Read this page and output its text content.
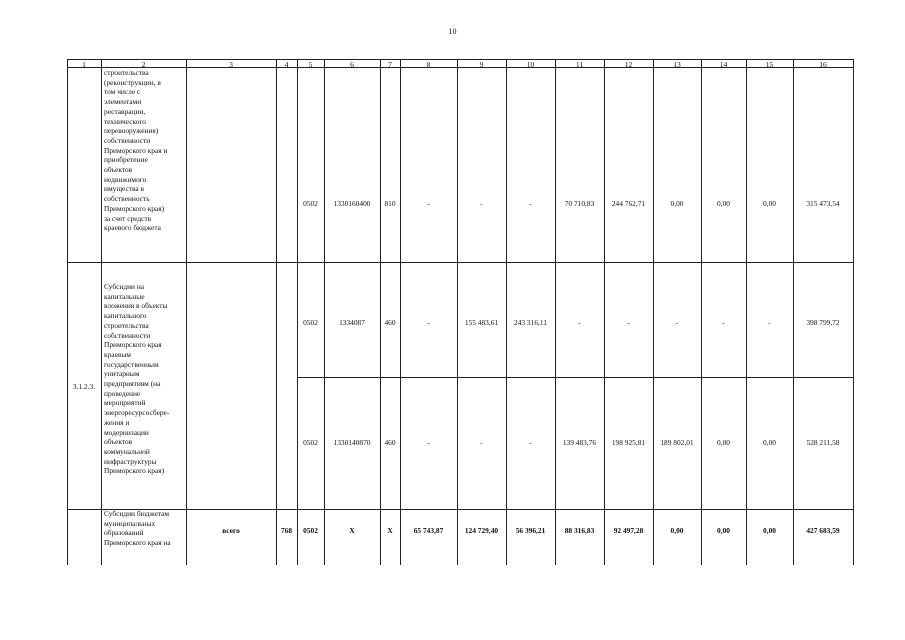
10
1	2	3	4	5	6	7	8	9	10	11	12	13	14	15	16
строительства
(реконструкции, в
том числе с
элементами
реставрации,
технического
перевооружения)
собственности
Приморского края и
приобретение
объектов
недвижимого
имущества в
собственность
Приморского края)
за счет средств
краевого бюджета
0502	1330160400	810	-	-	-	70 710,83	244 762,71	0,00	0,00	0,00	315 473,54
3.1.2.3.
Субсидии на
капитальные
вложения в объекты
капитального
строительства
собственности
Приморского края
краевым
государственным
унитарным
предприятиям (на
проведение
мероприятий
энергоресурсосбере-
жения и
модернизации
объектов
коммунальной
инфраструктуры
Приморского края)
0502	1334087	460	-	155 483,61	243 316,11	-	-	-	-	-	398 799,72
0502	1330140870	460	-	-	-	139 483,76	198 925,81	189 802,01	0,00	0,00	528 211,58
Субсидии бюджетам
муниципальных
образований
Приморского края на
всего	768	0502	X	X	65 743,87	124 729,40	56 396,21	88 316,83	92 497,28	0,00	0,00	0,00	427 683,59
